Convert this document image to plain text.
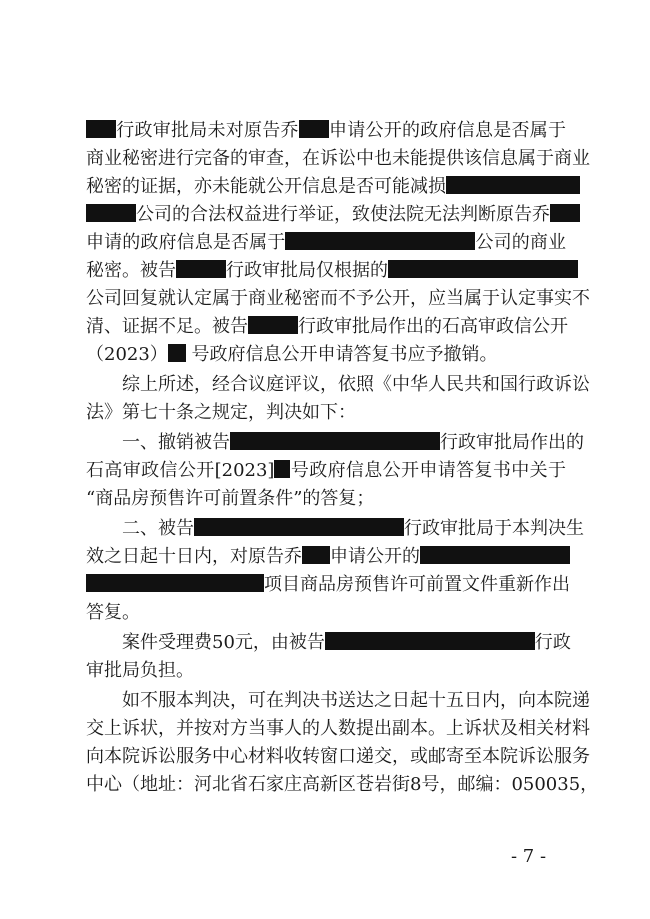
行政审批局未对原告乔 申请公开的政府信息是否属于
商业秘密进行完备的审查，在诉讼中也未能提供该信息属于商业
秘密的证据，亦未能就公开信息是否可能减损
公司的合法权益进行举证，致使法院无法判断原告乔
申请的政府信息是否属于	公司的商业
秘密。被告	行政审批局仅根据的
公司回复就认定属于商业秘密而不予公开，应当属于认定事实不
清、证据不足。被告	行政审批局作出的石高审政信公开
（2023） 号政府信息公开申请答复书应予撤销。
综上所述，经合议庭评议，依照《中华人民共和国行政诉讼
法》第七十条之规定，判决如下：
一、撤销被告	行政审批局作出的
石高审政信公开[2023] 号政府信息公开申请答复书中关于
“商品房预售许可前置条件”的答复；
二、被告	行政审批局于本判决生
效之日起十日内，对原告乔 申请公开的
项目商品房预售许可前置文件重新作出
答复。
案件受理费50元，由被告	行政
审批局负担。
如不服本判决，可在判决书送达之日起十五日内，向本院递
交上诉状，并按对方当事人的人数提出副本。上诉状及相关材料
向本院诉讼服务中心材料收转窗口递交，或邮寄至本院诉讼服务
中心（地址：河北省石家庄高新区苍岩街8号，邮编：050035，
- 7 -
